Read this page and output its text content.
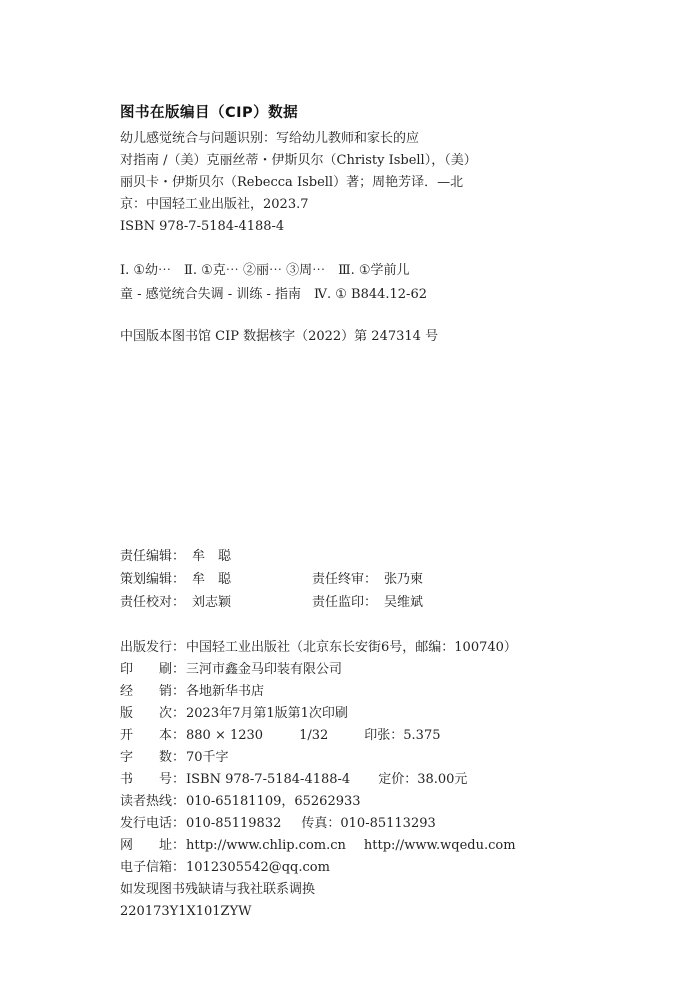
图书在版编目（CIP）数据
幼儿感觉统合与问题识别：写给幼儿教师和家长的应
对指南 /（美）克丽丝蒂・伊斯贝尔（Christy Isbell），（美）
丽贝卡・伊斯贝尔（Rebecca Isbell）著；周艳芳译．—北
京：中国轻工业出版社，2023.7
ISBN 978-7-5184-4188-4
Ⅰ. ①幼⋯　Ⅱ. ①克⋯ ②丽⋯ ③周⋯　Ⅲ. ①学前儿
童 - 感觉统合失调 - 训练 - 指南　Ⅳ. ① B844.12-62
中国版本图书馆 CIP 数据核字（2022）第 247314 号
责任编辑： 牟　聪
策划编辑： 牟　聪	责任终审： 张乃柬
责任校对： 刘志颖	责任监印： 吴维斌
出版发行：中国轻工业出版社（北京东长安街6号，邮编：100740）
印　　刷：三河市鑫金马印装有限公司
经　　销：各地新华书店
版　　次：2023年7月第1版第1次印刷
开　　本：880 × 1230	1/32	印张：5.375
字　　数：70千字
书　　号：ISBN 978-7-5184-4188-4 定价：38.00元
读者热线：010-65181109，65262933
发行电话：010-85119832 传真：010-85113293
网　　址：http://www.chlip.com.cn http://www.wqedu.com
电子信箱：1012305542@qq.com
如发现图书残缺请与我社联系调换
220173Y1X101ZYW
